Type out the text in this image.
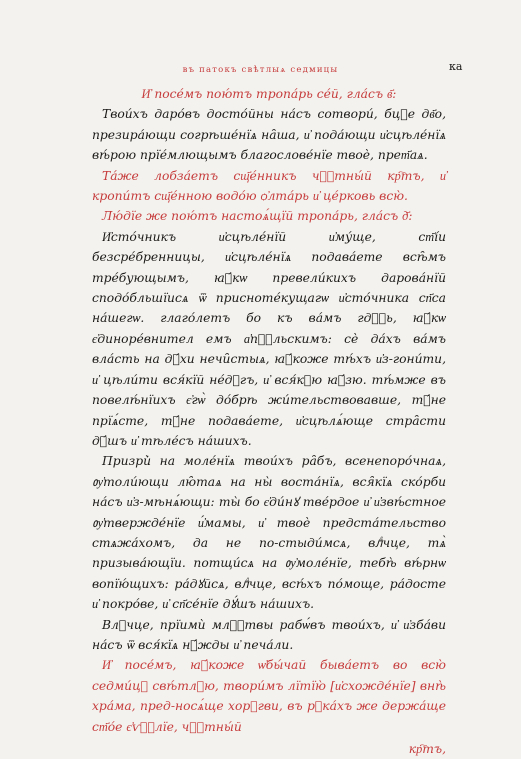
въ патокъ свѣтлыѧ седмицы	ка

И҆ посе́мъ пою́тъ тропа́рь се́й, гла́съ в҃:

Твои́хъ даро́въ досто́йны на́съ сотвори́, бцⷣе дв҃о, презира́ющи согрѣше́нїѧ на̑ша, и҆ пода́ющи и҆сцѣле́нїѧ вѣ́рою прїе́млющымъ благослове́нїе твоѐ, прет҃аѧ.

Та́же лобза́етъ сщ҃е́нникъ чⷭ҇тны́й кр҇тъ, и҆ кропи́тъ сщ҃е́нною водо́ю ѻ҆лта́рь и҆ це́рковь всю̀.

Лю́дїе же пою́тъ настоѧ́щїй тропа́рь, гла́съ д҃:

И҆сто́чникъ и҆сцѣле́нїй и҆му́ще, ст҃і́и безсре́бренницы, и҆сцѣле́нїѧ подава́ете всѣ̑мъ тре́бующымъ, ꙗ҆́кѡ превели́кихъ дарова́нїй сподо́бльшїисѧ ѿ присноте́кущагѡ и҆сто́чника сп҃са на́шегѡ. глаго́летъ бо къ ва́мъ гдⷭ҇ь, ꙗ҆́кѡ є҆диноре́внител емъ а҆пⷭ҇льскимъ: сѐ да́хъ ва́мъ вла́сть на дꙋ́хи нечи̑стыѧ, ꙗ҆́коже тѣ́хъ и҆з-гони́ти, и҆ цѣли́ти вся́кїй не́дꙋгъ, и҆ вся́кꙋю ꙗ҆́зю. тѣ́мже въ повелѣ́нїихъ є҆гѡ̀ до́брѣ жи́тельствовавше, тꙋ́не прїѧ́сте, тꙋ́не подава́ете, и҆сцѣлѧ́юще стра̑сти дꙋ́шъ и҆ тѣле́съ на́шихъ.

Призри̇̀ на моле́нїѧ твои́хъ ра̑бъ, всенепоро́чнаѧ, ᲂу҆толи́ющи лю̑таѧ на ны̀ воста́нїѧ, вся̑кїѧ ско́рби на́съ и҆з-мѣнѧ́ющи: ты̀ бо є҆ди́нꙋ тве́рдое и҆ и҆звѣ́стное ᲂу҆твержде́нїе и҆́мамы, и҆ твоѐ предста́тельство стѧжа́хомъ, да не по-стыди́мсѧ, влⷣчце, тѧ̀ призыва́ющїи. потщи́сѧ на ᲂу҆моле́нїе, тебѣ̀ вѣ́рнѡ вопїю́щихъ: ра́дꙋйсѧ, влⷣчце, всѣ́хъ по́моще, ра́досте и҆ покро́ве, и҆ сп҃се́нїе дꙋ́шъ на́шихъ.

Влⷣчце, прїимѝ млⷭ҇твы рабѡ́въ твои́хъ, и҆ и҆зба́ви на́съ ѿ вся́кїѧ нꙋ́жды и҆ печа́ли.

И҆ посе́мъ, ꙗ҆́коже ѡ҆бы́чай быва́етъ во всю̀ седми́цꙋ свѣ́тлꙋю, твори́мъ лїтїю̀ [и҆схожде́нїе] внѣ̀ хра́ма, пред-носѧ́ще хорꙋгви, въ рꙋка́хъ же держа́ще ст҃о́е є҆ѵⷢ҇лїе, чⷭ҇тны́й

кр҇тъ,
